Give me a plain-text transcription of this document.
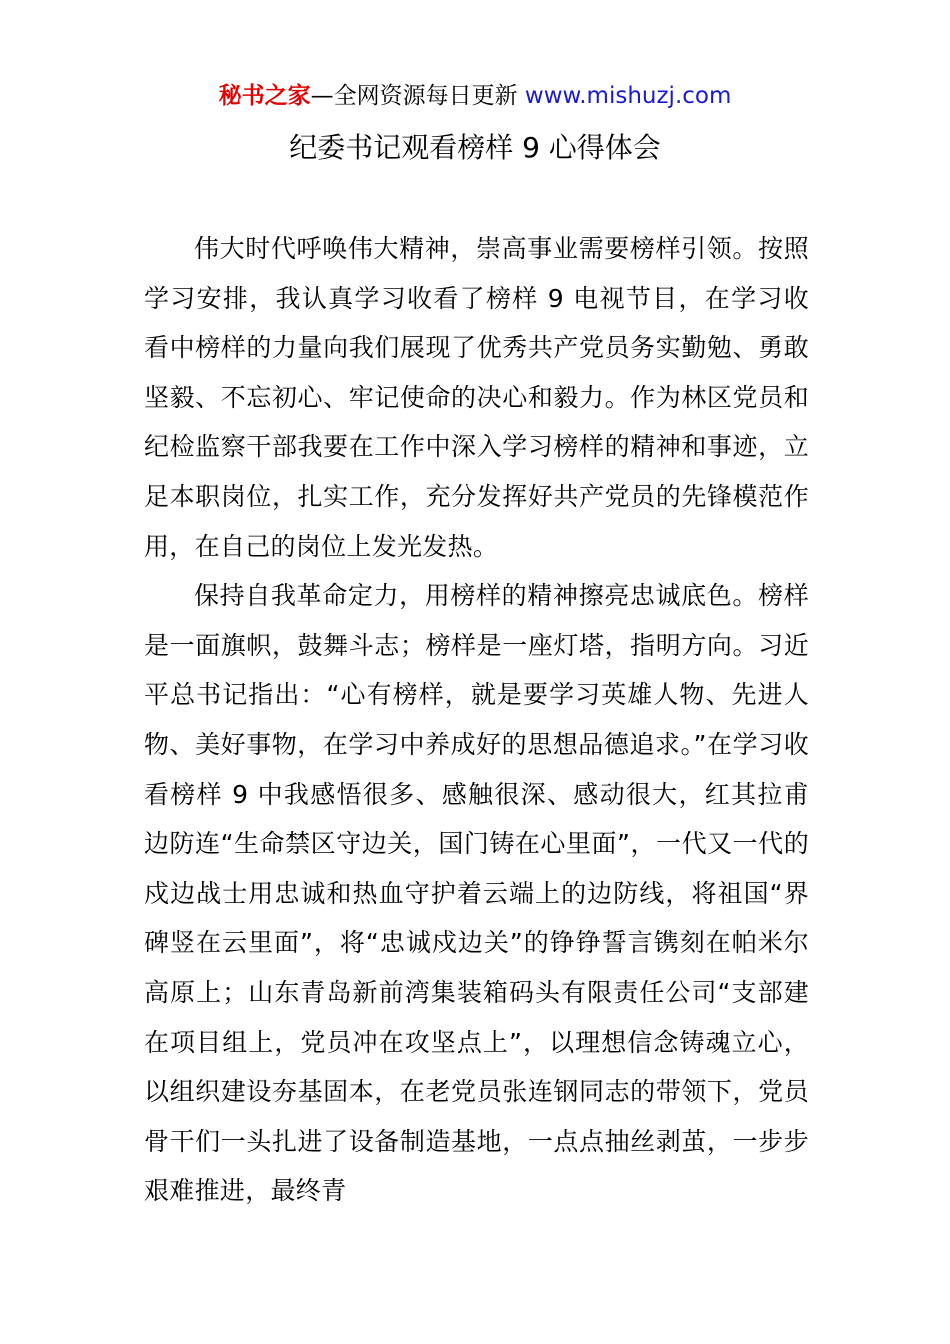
秘书之家—全网资源每日更新 www.mishuzj.com
纪委书记观看榜样 9 心得体会

伟大时代呼唤伟大精神，崇高事业需要榜样引领。按照学习安排，我认真学习收看了榜样 9 电视节目，在学习收看中榜样的力量向我们展现了优秀共产党员务实勤勉、勇敢坚毅、不忘初心、牢记使命的决心和毅力。作为林区党员和纪检监察干部我要在工作中深入学习榜样的精神和事迹，立足本职岗位，扎实工作，充分发挥好共产党员的先锋模范作用，在自己的岗位上发光发热。

保持自我革命定力，用榜样的精神擦亮忠诚底色。榜样是一面旗帜，鼓舞斗志；榜样是一座灯塔，指明方向。习近平总书记指出：“心有榜样，就是要学习英雄人物、先进人物、美好事物，在学习中养成好的思想品德追求。”在学习收看榜样 9 中我感悟很多、感触很深、感动很大，红其拉甫边防连“生命禁区守边关，国门铸在心里面”，一代又一代的戍边战士用忠诚和热血守护着云端上的边防线，将祖国“界碑竖在云里面”，将“忠诚戍边关”的铮铮誓言镌刻在帕米尔高原上；山东青岛新前湾集装箱码头有限责任公司“支部建在项目组上，党员冲在攻坚点上”，以理想信念铸魂立心，以组织建设夯基固本，在老党员张连钢同志的带领下，党员骨干们一头扎进了设备制造基地，一点点抽丝剥茧，一步步艰难推进，最终青
